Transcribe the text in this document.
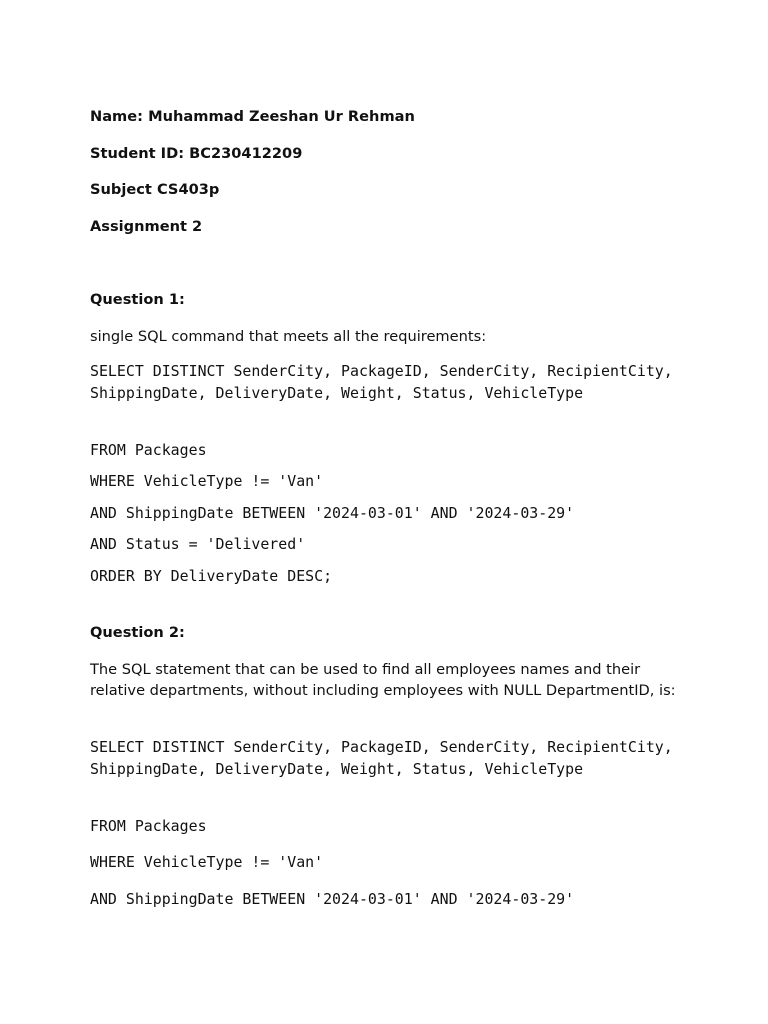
Name: Muhammad Zeeshan Ur Rehman
Student ID: BC230412209
Subject CS403p
Assignment 2
Question 1:
single SQL command that meets all the requirements:
SELECT DISTINCT SenderCity, PackageID, SenderCity, RecipientCity, ShippingDate, DeliveryDate, Weight, Status, VehicleType
FROM Packages
WHERE VehicleType != 'Van'
AND ShippingDate BETWEEN '2024-03-01' AND '2024-03-29'
AND Status = 'Delivered'
ORDER BY DeliveryDate DESC;
Question 2:
The SQL statement that can be used to find all employees names and their relative departments, without including employees with NULL DepartmentID, is:
SELECT DISTINCT SenderCity, PackageID, SenderCity, RecipientCity, ShippingDate, DeliveryDate, Weight, Status, VehicleType
FROM Packages
WHERE VehicleType != 'Van'
AND ShippingDate BETWEEN '2024-03-01' AND '2024-03-29'
